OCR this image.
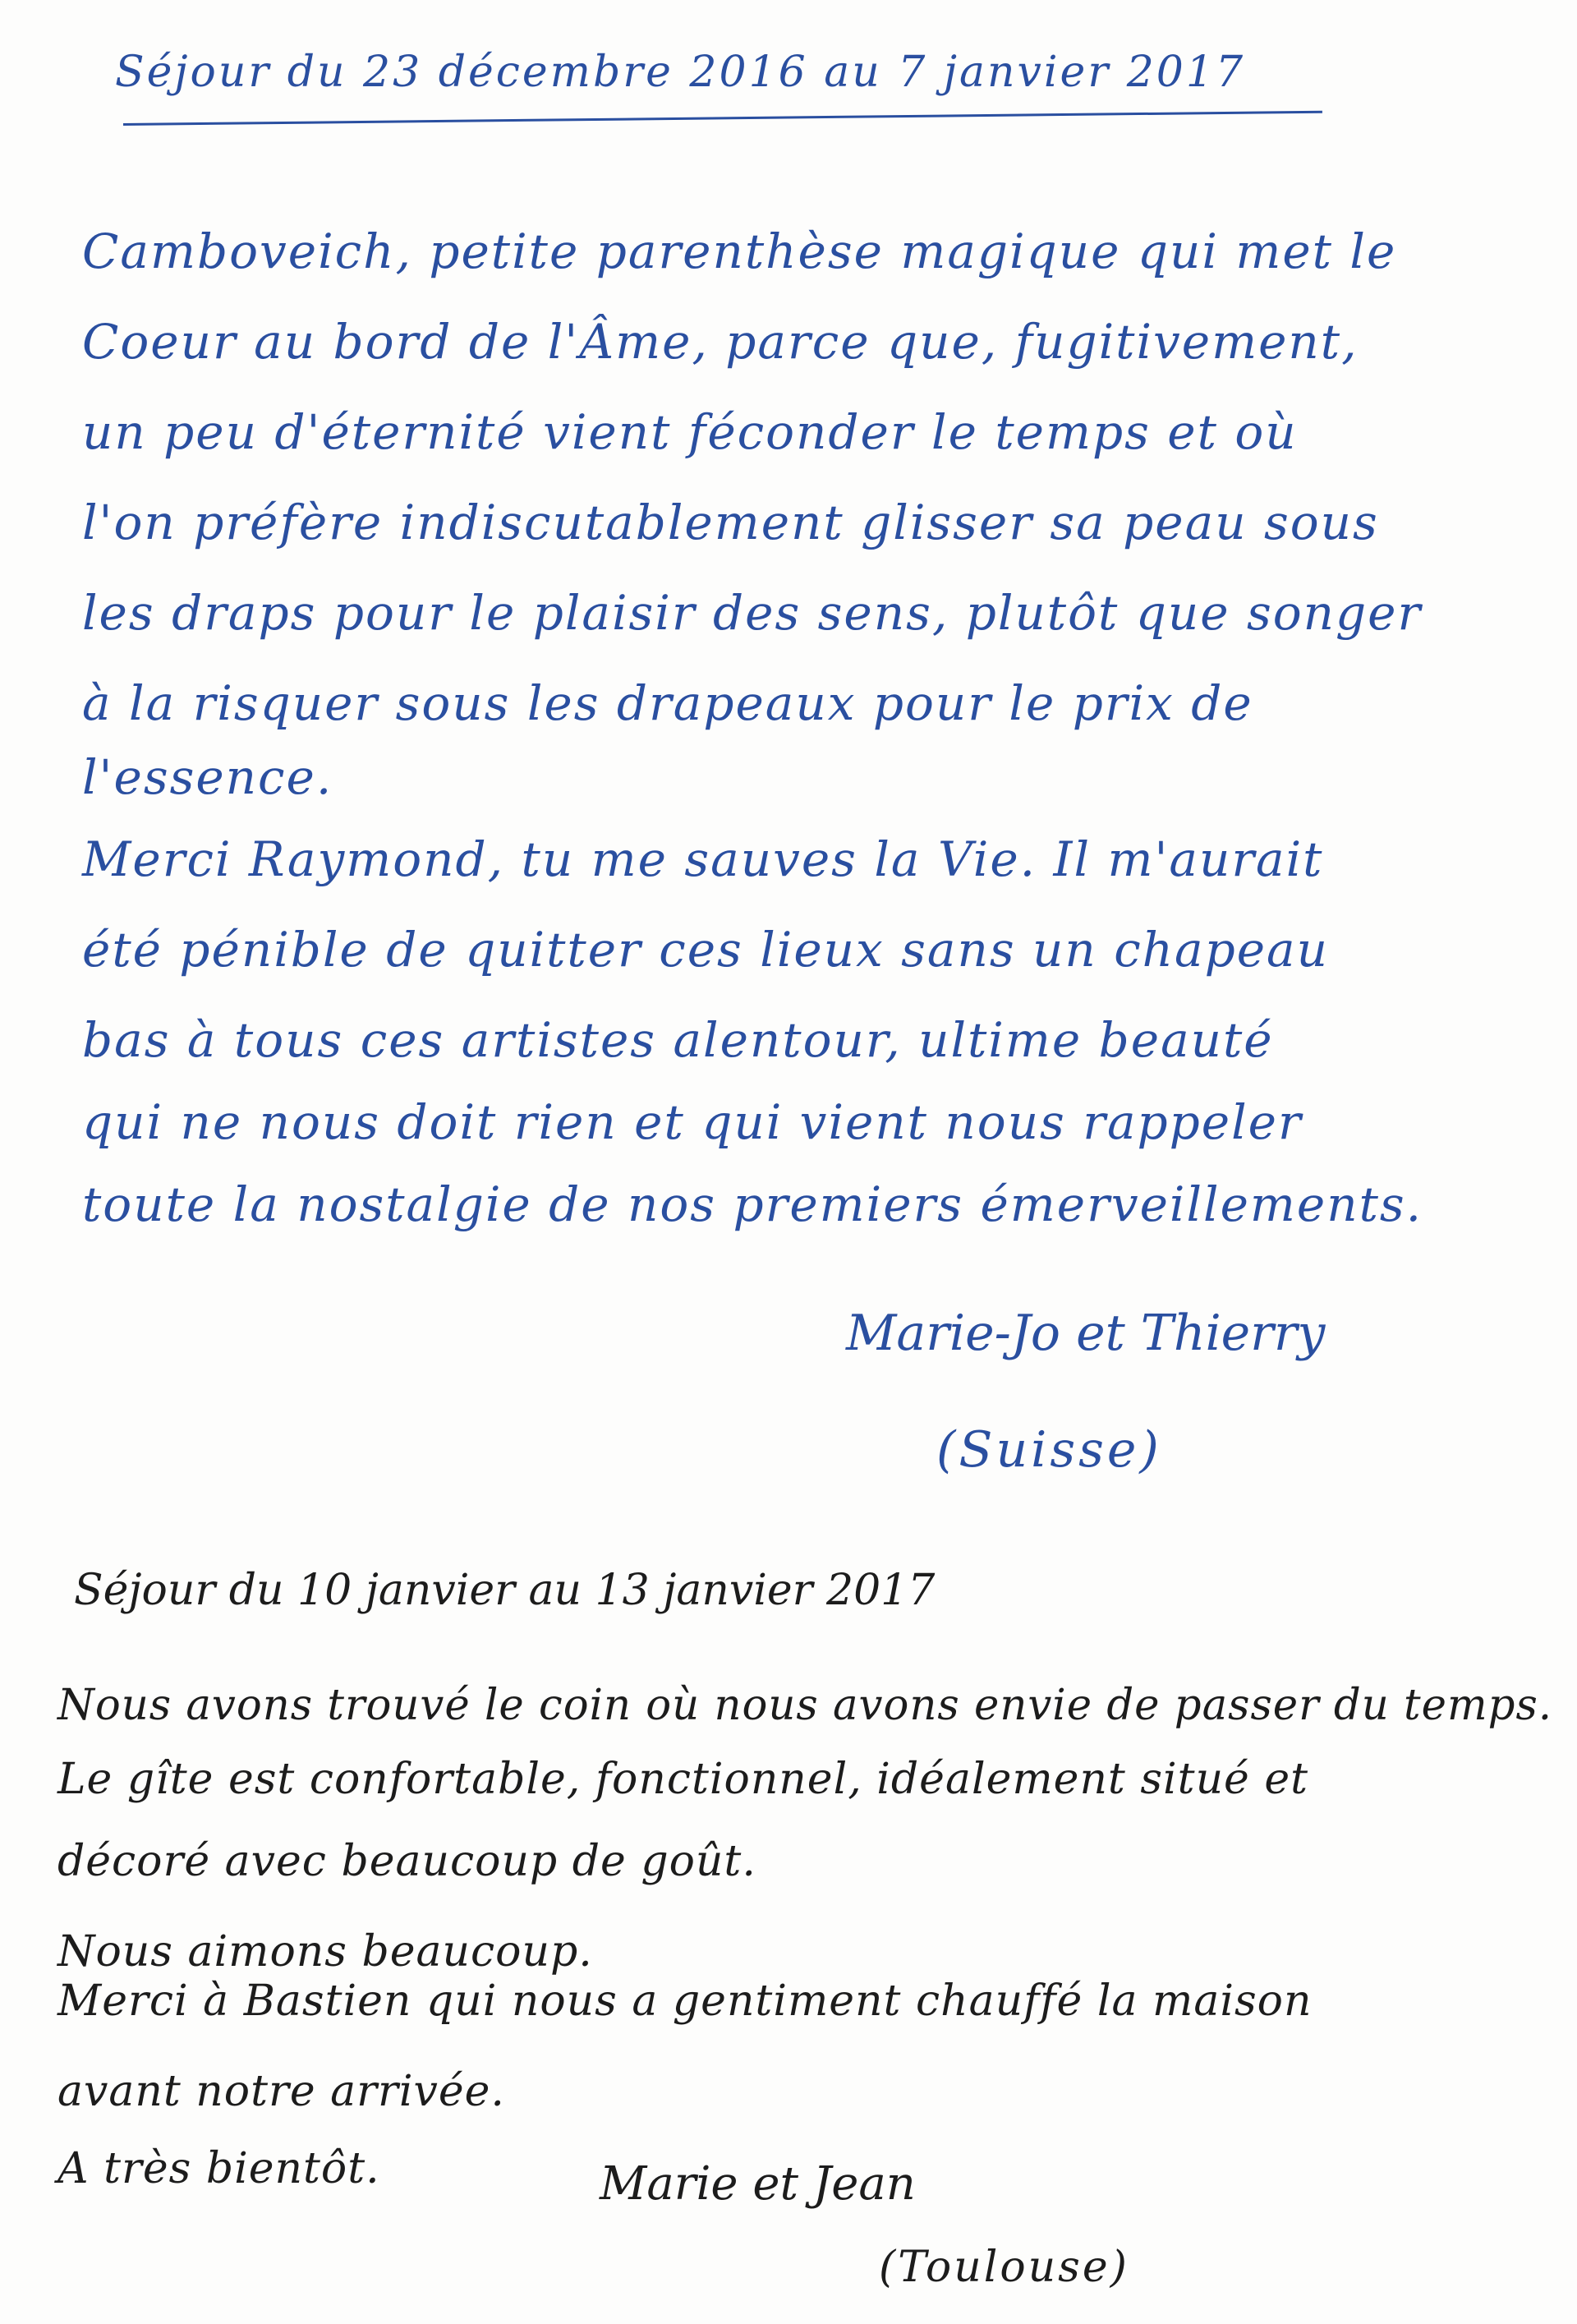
Séjour du 23 décembre 2016 au 7 janvier 2017
Camboveich, petite parenthèse magique qui met le
Coeur au bord de l'Âme, parce que, fugitivement,
un peu d'éternité vient féconder le temps et où
l'on préfère indiscutablement glisser sa peau sous
les draps pour le plaisir des sens, plutôt que songer
à la risquer sous les drapeaux pour le prix de
l'essence.
Merci Raymond, tu me sauves la Vie. Il m'aurait
été pénible de quitter ces lieux sans un chapeau
bas à tous ces artistes alentour, ultime beauté
qui ne nous doit rien et qui vient nous rappeler
toute la nostalgie de nos premiers émerveillements.
Marie-Jo et Thierry
(Suisse)
Séjour du 10 janvier au 13 janvier 2017
Nous avons trouvé le coin où nous avons envie de passer du temps.
Le gîte est confortable, fonctionnel, idéalement situé et
décoré avec beaucoup de goût.
Nous aimons beaucoup.
Merci à Bastien qui nous a gentiment chauffé la maison
avant notre arrivée.
A très bientôt.	Marie et Jean
(Toulouse)
